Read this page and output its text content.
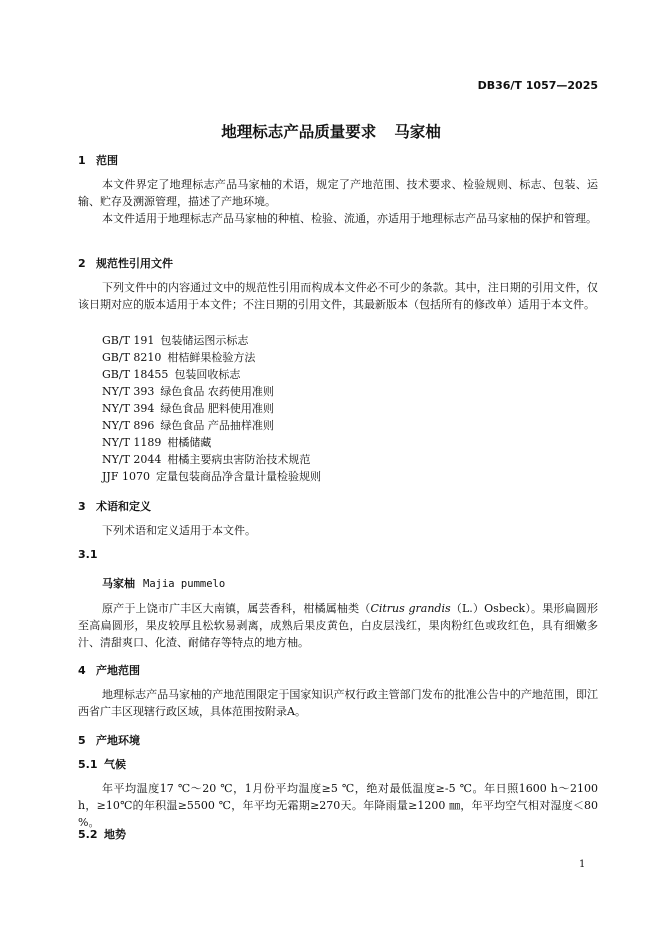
DB36/T 1057—2025
地理标志产品质量要求 马家柚
1 范围
本文件界定了地理标志产品马家柚的术语，规定了产地范围、技术要求、检验规则、标志、包装、运输、贮存及溯源管理，描述了产地环境。
本文件适用于地理标志产品马家柚的种植、检验、流通，亦适用于地理标志产品马家柚的保护和管理。
2 规范性引用文件
下列文件中的内容通过文中的规范性引用而构成本文件必不可少的条款。其中，注日期的引用文件，仅该日期对应的版本适用于本文件；不注日期的引用文件，其最新版本（包括所有的修改单）适用于本文件。
GB/T 191 包装储运图示标志
GB/T 8210 柑桔鲜果检验方法
GB/T 18455 包装回收标志
NY/T 393 绿色食品 农药使用准则
NY/T 394 绿色食品 肥料使用准则
NY/T 896 绿色食品 产品抽样准则
NY/T 1189 柑橘储藏
NY/T 2044 柑橘主要病虫害防治技术规范
JJF 1070 定量包装商品净含量计量检验规则
3 术语和定义
下列术语和定义适用于本文件。
3.1
马家柚 Majia pummelo
原产于上饶市广丰区大南镇，属芸香科，柑橘属柚类（Citrus grandis（L.）Osbeck）。果形扁圆形至高扁圆形，果皮较厚且松软易剥离，成熟后果皮黄色，白皮层浅红，果肉粉红色或玫红色，具有细嫩多汁、清甜爽口、化渣、耐储存等特点的地方柚。
4 产地范围
地理标志产品马家柚的产地范围限定于国家知识产权行政主管部门发布的批准公告中的产地范围，即江西省广丰区现辖行政区域，具体范围按附录A。
5 产地环境
5.1 气候
年平均温度17 ℃～20 ℃，1月份平均温度≥5 ℃，绝对最低温度≥-5 ℃。年日照1600 h～2100 h，≥10℃的年积温≥5500 ℃，年平均无霜期≥270天。年降雨量≥1200 ㎜，年平均空气相对湿度＜80 %。
5.2 地势
1
